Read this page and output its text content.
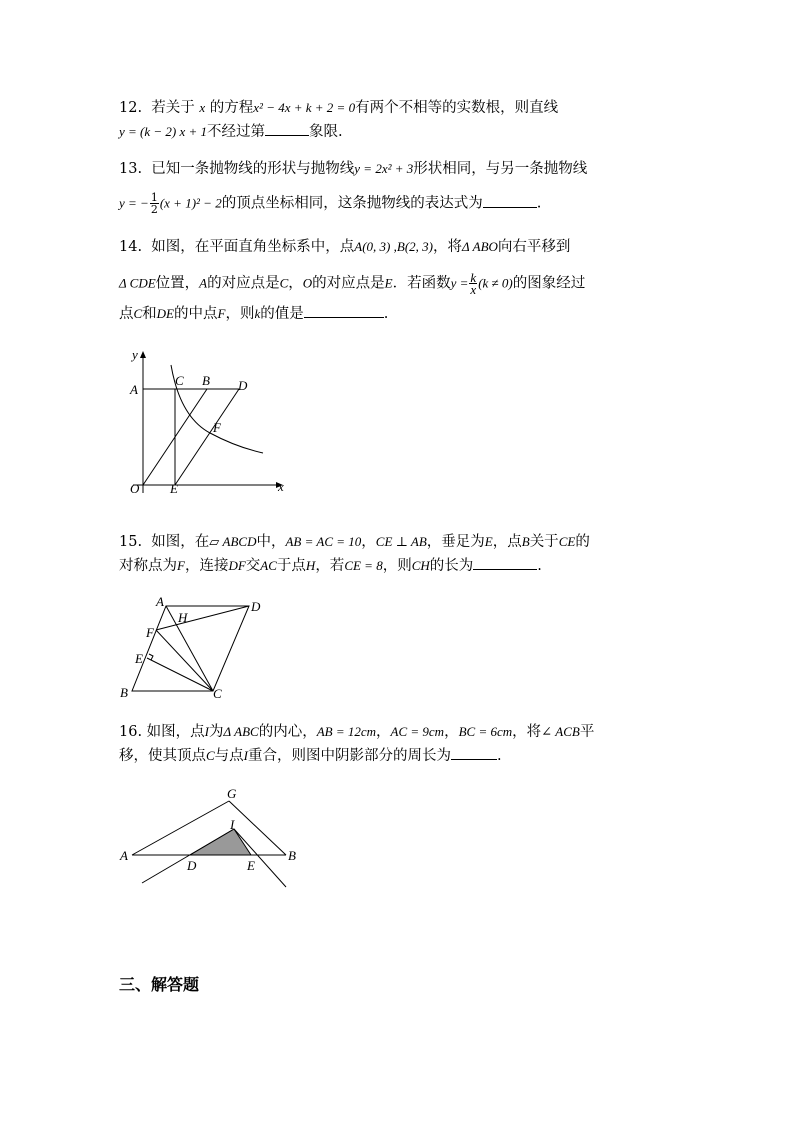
12. 若关于 x 的方程x² − 4x + k + 2 = 0有两个不相等的实数根，则直线
y = (k − 2) x + 1不经过第	象限.
13. 已知一条抛物线的形状与抛物线y = 2x² + 3形状相同，与另一条抛物线
y = − $\frac{1}{2} (x + 1)^2 - 2$的顶点坐标相同，这条抛物线的表达式为	.
14. 如图，在平面直角坐标系中，点A(0, 3) ,B(2, 3)，将Δ ABO向右平移到
Δ CDE位置，A的对应点是C，O的对应点是E．若函数$y = \frac{k}{x} (k \ne 0)$的图象经过
点C和DE的中点F，则k的值是	.
y
x
A
C B D
F
O E
15. 如图，在▱ ABCD中，AB = AC = 10，CE ⊥ AB，垂足为E，点B关于CE的
对称点为F，连接DF交AC于点H，若CE = 8，则CH的长为	.
A	D
H
F
E
B	C
16. 如图，点I为Δ ABC的内心，AB = 12cm，AC = 9cm，BC = 6cm，将∠ ACB平
移，使其顶点C与点I重合，则图中阴影部分的周长为	.
G
I
A
D	E
B
三、解答题
